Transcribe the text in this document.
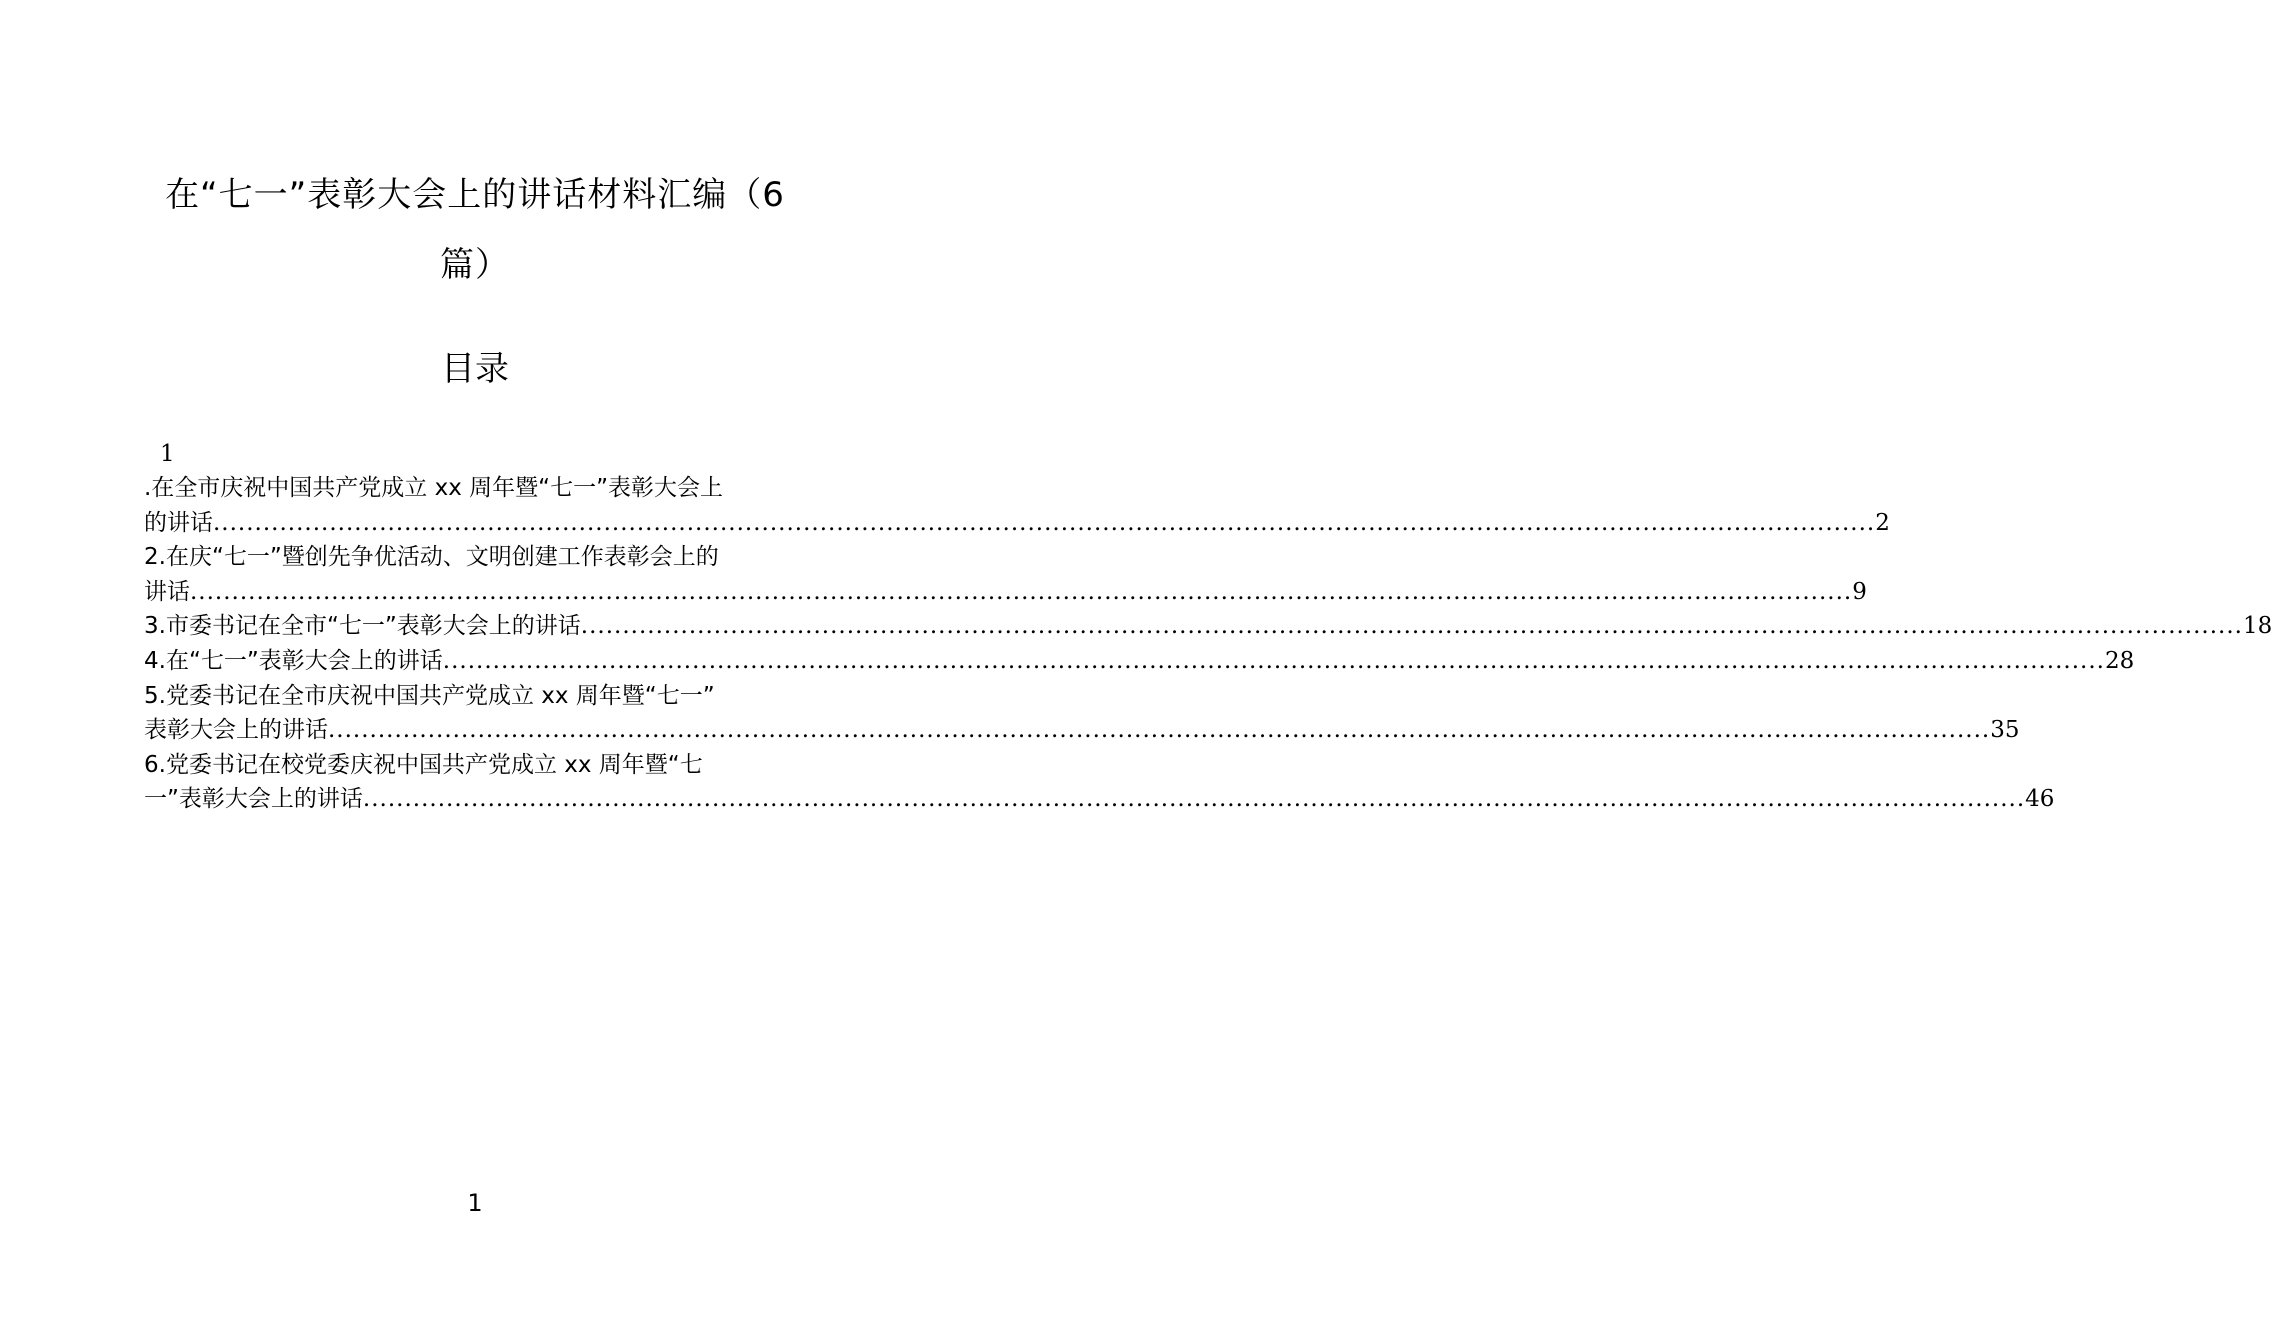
在“七一”表彰大会上的讲话材料汇编（6
篇）
目录
1
.在全市庆祝中国共产党成立 xx 周年暨“七一”表彰大会上
的讲话 ........................................................................................................................................................................................................ 2
2.在庆“七一”暨创先争优活动、文明创建工作表彰会上的
讲话 ........................................................................................................................................................................................................ 9
3.市委书记在全市“七一”表彰大会上的讲话 ........................................................................................................................................................................................................ 18
4.在“七一”表彰大会上的讲话 ........................................................................................................................................................................................................ 28
5.党委书记在全市庆祝中国共产党成立 xx 周年暨“七一”
表彰大会上的讲话 ........................................................................................................................................................................................................ 35
6.党委书记在校党委庆祝中国共产党成立 xx 周年暨“七
一”表彰大会上的讲话 ........................................................................................................................................................................................................ 46
1
